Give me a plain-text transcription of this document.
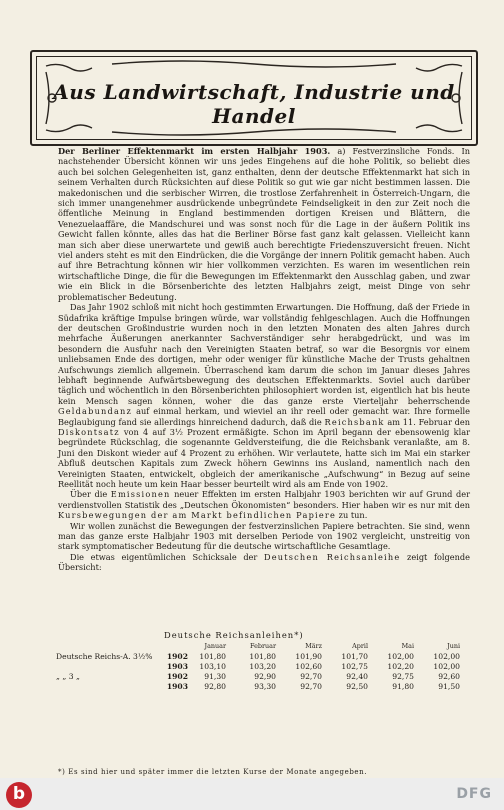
Aus Landwirtschaft, Industrie und Handel

Der Berliner Effektenmarkt im ersten Halbjahr 1903. a) Festverzinsliche Fonds. In nachstehender Übersicht können wir uns jedes Eingehens auf die hohe Politik, so beliebt dies auch bei solchen Gelegenheiten ist, ganz enthalten, denn der deutsche Effektenmarkt hat sich in seinem Verhalten durch Rücksichten auf diese Politik so gut wie gar nicht bestimmen lassen. Die makedonischen und die serbischer Wirren, die trostlose Zerfahrenheit in Österreich-Ungarn, die sich immer unangenehmer ausdrückende unbegründete Feindseligkeit in den zur Zeit noch die öffentliche Meinung in England bestimmenden dortigen Kreisen und Blättern, die Venezuelaaffäre, die Mandschurei und was sonst noch für die Lage in der äußern Politik ins Gewicht fallen könnte, alles das hat die Berliner Börse fast ganz kalt gelassen. Vielleicht kann man sich aber diese unerwartete und gewiß auch berechtigte Friedenszuversicht freuen. Nicht viel anders steht es mit den Eindrücken, die die Vorgänge der innern Politik gemacht haben. Auch auf ihre Betrachtung können wir hier vollkommen verzichten. Es waren im wesentlichen rein wirtschaftliche Dinge, die für die Bewegungen im Effektenmarkt den Ausschlag gaben, und zwar wie ein Blick in die Börsenberichte des letzten Halbjahrs zeigt, meist Dinge von sehr problematischer Bedeutung.

Das Jahr 1902 schloß mit nicht hoch gestimmten Erwartungen. Die Hoffnung, daß der Friede in Südafrika kräftige Impulse bringen würde, war vollständig fehlgeschlagen. Auch die Hoffnungen der deutschen Großindustrie wurden noch in den letzten Monaten des alten Jahres durch mehrfache Äußerungen anerkannter Sachverständiger sehr herabgedrückt, und was im besondern die Ausfuhr nach den Vereinigten Staaten betraf, so war die Besorgnis vor einem unliebsamen Ende des dortigen, mehr oder weniger für künstliche Mache der Trusts gehaltnen Aufschwungs ziemlich allgemein. Überraschend kam darum die schon im Januar dieses Jahres lebhaft beginnende Aufwärtsbewegung des deutschen Effektenmarkts. Soviel auch darüber täglich und wöchentlich in den Börsenberichten philosophiert worden ist, eigentlich hat bis heute kein Mensch sagen können, woher die das ganze erste Vierteljahr beherrschende Geldabundanz auf einmal herkam, und wieviel an ihr reell oder gemacht war. Ihre formelle Beglaubigung fand sie allerdings hinreichend dadurch, daß die Reichsbank am 11. Februar den Diskontsatz von 4 auf 3½ Prozent ermäßigte. Schon im April begann der ebensowenig klar begründete Rückschlag, die sogenannte Geldversteifung, die die Reichsbank veranlaßte, am 8. Juni den Diskont wieder auf 4 Prozent zu erhöhen. Wir verlautete, hatte sich im Mai ein starker Abfluß deutschen Kapitals zum Zweck höhern Gewinns ins Ausland, namentlich nach den Vereinigten Staaten, entwickelt, obgleich der amerikanische „Aufschwung“ in Bezug auf seine Reellität noch heute um kein Haar besser beurteilt wird als am Ende von 1902.

Über die Emissionen neuer Effekten im ersten Halbjahr 1903 berichten wir auf Grund der verdienstvollen Statistik des „Deutschen Ökonomisten“ besonders. Hier haben wir es nur mit den Kursbewegungen der am Markt befindlichen Papiere zu tun.

Wir wollen zunächst die Bewegungen der festverzinslichen Papiere betrachten. Sie sind, wenn man das ganze erste Halbjahr 1903 mit derselben Periode von 1902 vergleicht, unstreitig von stark symptomatischer Bedeutung für die deutsche wirtschaftliche Gesamtlage.

Die etwas eigentümlichen Schicksale der Deutschen Reichsanleihe zeigt folgende Übersicht:

Deutsche Reichsanleihen*)
Januar	Februar	März	April	Mai	Juni
Deutsche Reichs-A. 3½%	1902	101,80	101,80	101,90	101,70	102,00	102,00
1903	103,10	103,20	102,60	102,75	102,20	102,00
„ „ 3 „	1902	91,30	92,90	92,70	92,40	92,75	92,60
1903	92,80	93,30	92,70	92,50	91,80	91,50
*) Es sind hier und später immer die letzten Kurse der Monate angegeben.
b	DFG
